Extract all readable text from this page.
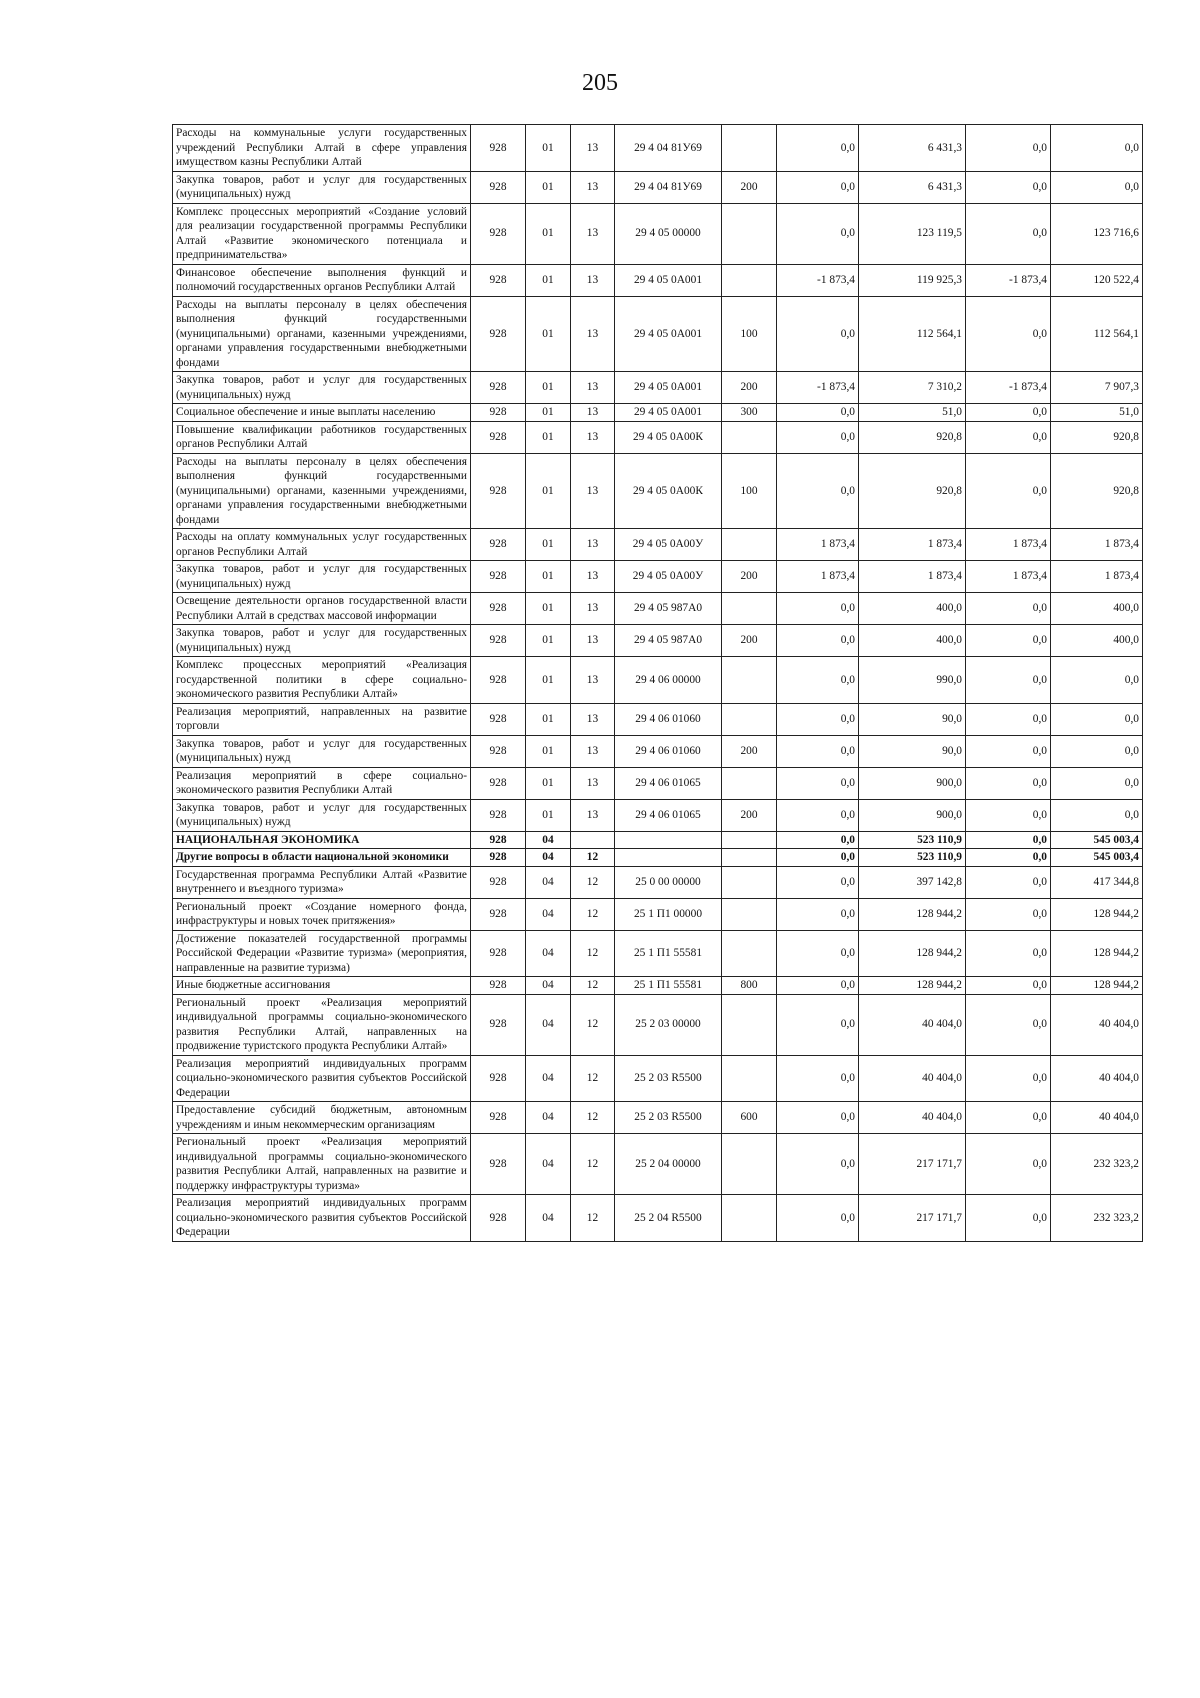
205
Расходы на коммунальные услуги государственных учреждений Республики Алтай в сфере управления имуществом казны Республики Алтай	928	01	13	29 4 04 81У69		0,0	6 431,3	0,0	0,0
Закупка товаров, работ и услуг для государственных (муниципальных) нужд	928	01	13	29 4 04 81У69	200	0,0	6 431,3	0,0	0,0
Комплекс процессных мероприятий «Создание условий для реализации государственной программы Республики Алтай «Развитие экономического потенциала и предпринимательства»	928	01	13	29 4 05 00000		0,0	123 119,5	0,0	123 716,6
Финансовое обеспечение выполнения функций и полномочий государственных органов Республики Алтай	928	01	13	29 4 05 0А001		-1 873,4	119 925,3	-1 873,4	120 522,4
Расходы на выплаты персоналу в целях обеспечения выполнения функций государственными (муниципальными) органами, казенными учреждениями, органами управления государственными внебюджетными фондами	928	01	13	29 4 05 0А001	100	0,0	112 564,1	0,0	112 564,1
Закупка товаров, работ и услуг для государственных (муниципальных) нужд	928	01	13	29 4 05 0А001	200	-1 873,4	7 310,2	-1 873,4	7 907,3
Социальное обеспечение и иные выплаты населению	928	01	13	29 4 05 0А001	300	0,0	51,0	0,0	51,0
Повышение квалификации работников государственных органов Республики Алтай	928	01	13	29 4 05 0А00К		0,0	920,8	0,0	920,8
Расходы на выплаты персоналу в целях обеспечения выполнения функций государственными (муниципальными) органами, казенными учреждениями, органами управления государственными внебюджетными фондами	928	01	13	29 4 05 0А00К	100	0,0	920,8	0,0	920,8
Расходы на оплату коммунальных услуг государственных органов Республики Алтай	928	01	13	29 4 05 0А00У		1 873,4	1 873,4	1 873,4	1 873,4
Закупка товаров, работ и услуг для государственных (муниципальных) нужд	928	01	13	29 4 05 0А00У	200	1 873,4	1 873,4	1 873,4	1 873,4
Освещение деятельности органов государственной власти Республики Алтай в средствах массовой информации	928	01	13	29 4 05 987А0		0,0	400,0	0,0	400,0
Закупка товаров, работ и услуг для государственных (муниципальных) нужд	928	01	13	29 4 05 987А0	200	0,0	400,0	0,0	400,0
Комплекс процессных мероприятий «Реализация государственной политики в сфере социально-экономического развития Республики Алтай»	928	01	13	29 4 06 00000		0,0	990,0	0,0	0,0
Реализация мероприятий, направленных на развитие торговли	928	01	13	29 4 06 01060		0,0	90,0	0,0	0,0
Закупка товаров, работ и услуг для государственных (муниципальных) нужд	928	01	13	29 4 06 01060	200	0,0	90,0	0,0	0,0
Реализация мероприятий в сфере социально-экономического развития Республики Алтай	928	01	13	29 4 06 01065		0,0	900,0	0,0	0,0
Закупка товаров, работ и услуг для государственных (муниципальных) нужд	928	01	13	29 4 06 01065	200	0,0	900,0	0,0	0,0
НАЦИОНАЛЬНАЯ ЭКОНОМИКА	928	04				0,0	523 110,9	0,0	545 003,4
Другие вопросы в области национальной экономики	928	04	12			0,0	523 110,9	0,0	545 003,4
Государственная программа Республики Алтай «Развитие внутреннего и въездного туризма»	928	04	12	25 0 00 00000		0,0	397 142,8	0,0	417 344,8
Региональный проект «Создание номерного фонда, инфраструктуры и новых точек притяжения»	928	04	12	25 1 П1 00000		0,0	128 944,2	0,0	128 944,2
Достижение показателей государственной программы Российской Федерации «Развитие туризма» (мероприятия, направленные на развитие туризма)	928	04	12	25 1 П1 55581		0,0	128 944,2	0,0	128 944,2
Иные бюджетные ассигнования	928	04	12	25 1 П1 55581	800	0,0	128 944,2	0,0	128 944,2
Региональный проект «Реализация мероприятий индивидуальной программы социально-экономического развития Республики Алтай, направленных на продвижение туристского продукта Республики Алтай»	928	04	12	25 2 03 00000		0,0	40 404,0	0,0	40 404,0
Реализация мероприятий индивидуальных программ социально-экономического развития субъектов Российской Федерации	928	04	12	25 2 03 R5500		0,0	40 404,0	0,0	40 404,0
Предоставление субсидий бюджетным, автономным учреждениям и иным некоммерческим организациям	928	04	12	25 2 03 R5500	600	0,0	40 404,0	0,0	40 404,0
Региональный проект «Реализация мероприятий индивидуальной программы социально-экономического развития Республики Алтай, направленных на развитие и поддержку инфраструктуры туризма»	928	04	12	25 2 04 00000		0,0	217 171,7	0,0	232 323,2
Реализация мероприятий индивидуальных программ социально-экономического развития субъектов Российской Федерации	928	04	12	25 2 04 R5500		0,0	217 171,7	0,0	232 323,2
